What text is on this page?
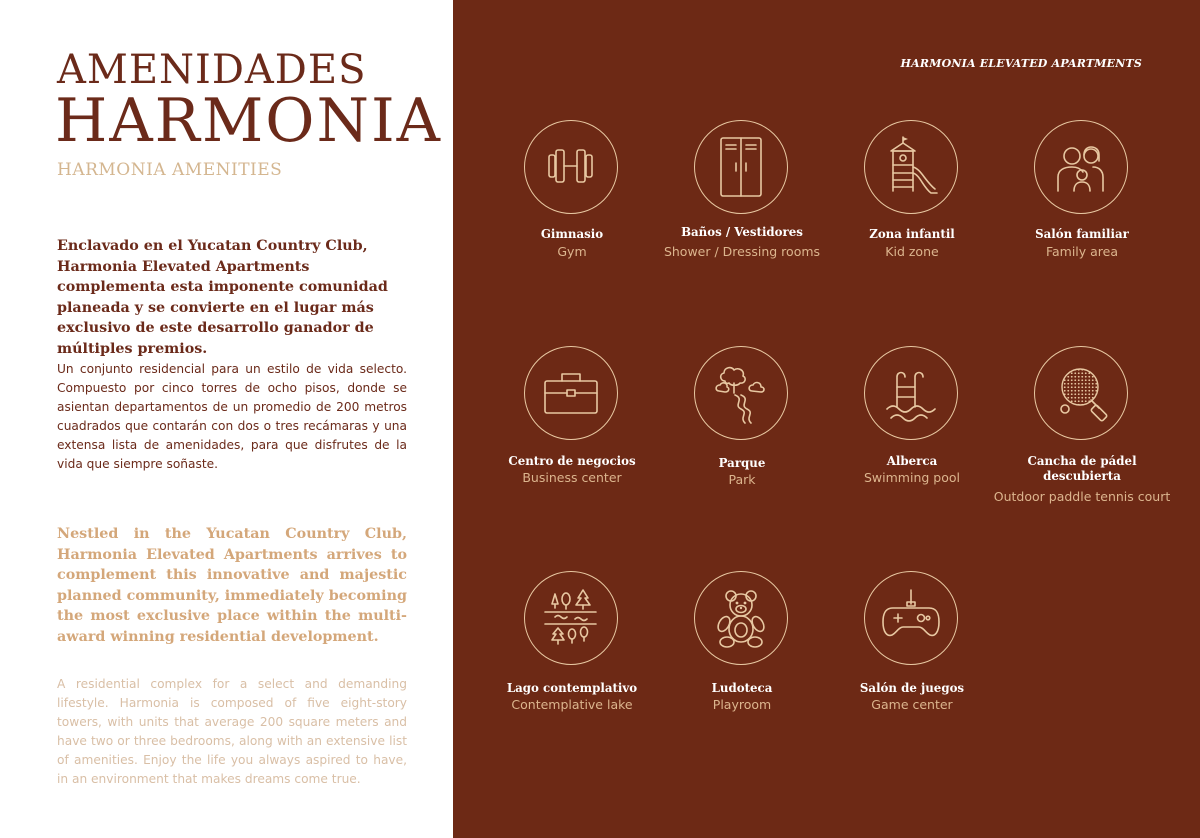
AMENIDADES
HARMONIA
HARMONIA AMENITIES

Enclavado en el Yucatan Country Club, Harmonia Elevated Apartments complementa esta imponente comunidad planeada y se convierte en el lugar más exclusivo de este desarrollo ganador de múltiples premios.

Un conjunto residencial para un estilo de vida selecto. Compuesto por cinco torres de ocho pisos, donde se asientan departamentos de un promedio de 200 metros cuadrados que contarán con dos o tres recámaras y una extensa lista de amenidades, para que disfrutes de la vida que siempre soñaste.

Nestled in the Yucatan Country Club, Harmonia Elevated Apartments arrives to complement this innovative and majestic planned community, immediately becoming the most exclusive place within the multi-award winning residential development.

A residential complex for a select and demanding lifestyle. Harmonia is composed of five eight-story towers, with units that average 200 square meters and have two or three bedrooms, along with an extensive list of amenities. Enjoy the life you always aspired to have, in an environment that makes dreams come true.

HARMONIA ELEVATED APARTMENTS
Gimnasio
Gym
Baños / Vestidores
Shower / Dressing rooms
Zona infantil
Kid zone
Salón familiar
Family area
Centro de negocios
Business center
Parque
Park
Alberca
Swimming pool
Cancha de pádel descubierta
Outdoor paddle tennis court
Lago contemplativo
Contemplative lake
Ludoteca
Playroom
Salón de juegos
Game center
